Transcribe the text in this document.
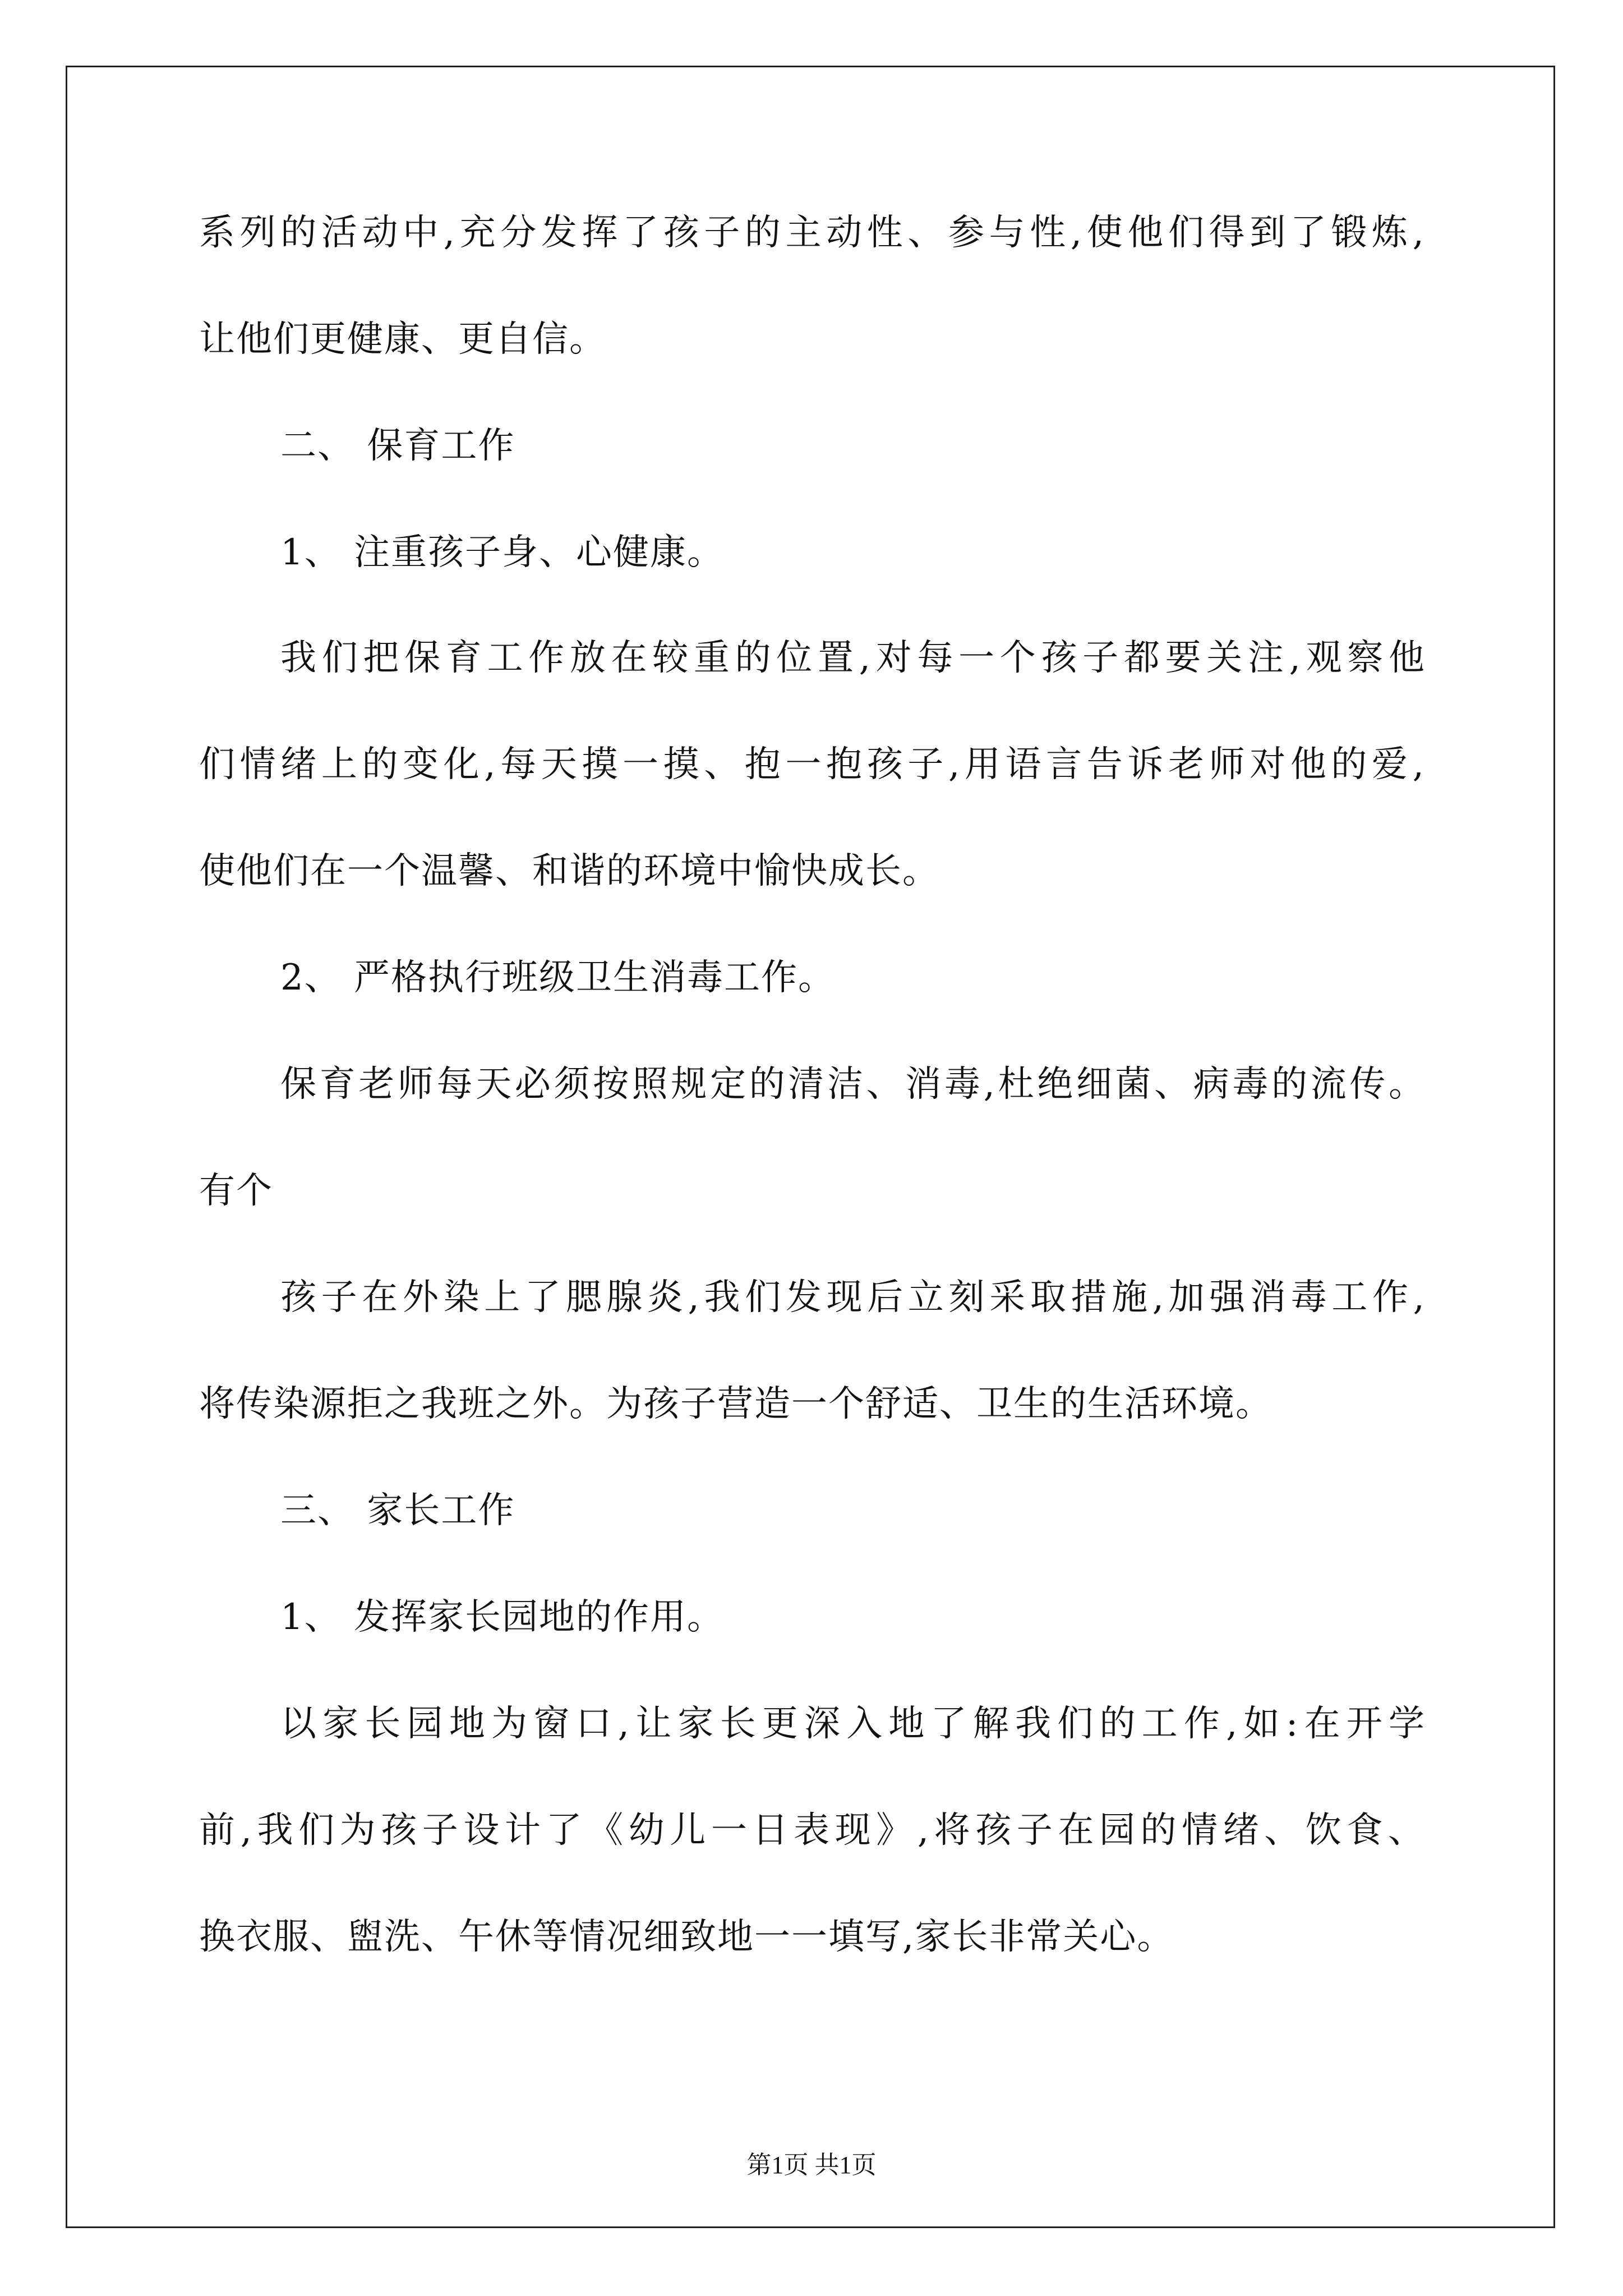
系列的活动中,充分发挥了孩子的主动性、参与性,使他们得到了锻炼,
让他们更健康、更自信。
二、 保育工作
1、 注重孩子身、心健康。
我们把保育工作放在较重的位置,对每一个孩子都要关注,观察他
们情绪上的变化,每天摸一摸、抱一抱孩子,用语言告诉老师对他的爱,
使他们在一个温馨、和谐的环境中愉快成长。
2、 严格执行班级卫生消毒工作。
保育老师每天必须按照规定的清洁、消毒,杜绝细菌、病毒的流传。
有个
孩子在外染上了腮腺炎,我们发现后立刻采取措施,加强消毒工作,
将传染源拒之我班之外。为孩子营造一个舒适、卫生的生活环境。
三、 家长工作
1、 发挥家长园地的作用。
以家长园地为窗口,让家长更深入地了解我们的工作,如:在开学
前,我们为孩子设计了《幼儿一日表现》,将孩子在园的情绪、饮食、
换衣服、盥洗、午休等情况细致地一一填写,家长非常关心。
第1页 共1页
